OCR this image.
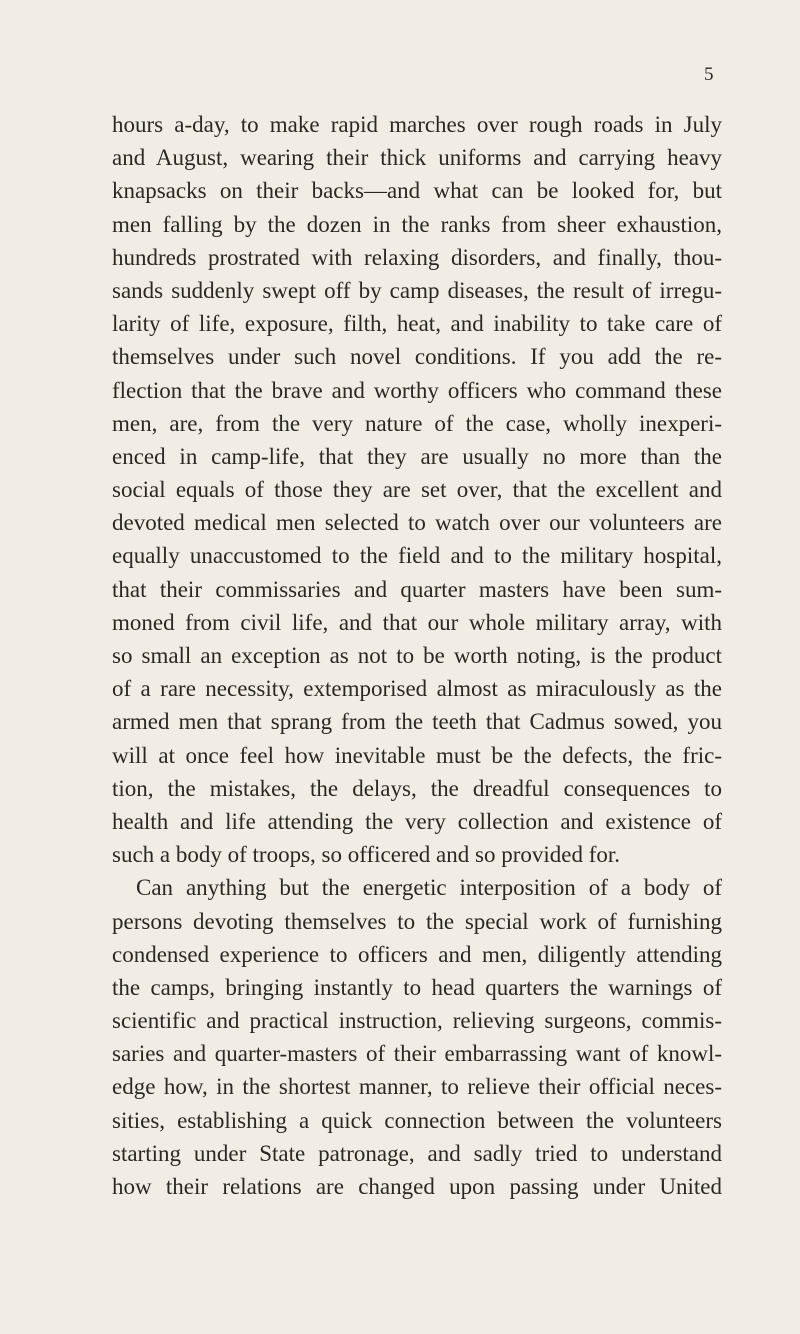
5
hours a-day, to make rapid marches over rough roads in July
and August, wearing their thick uniforms and carrying heavy
knapsacks on their backs—and what can be looked for, but
men falling by the dozen in the ranks from sheer exhaustion,
hundreds prostrated with relaxing disorders, and finally, thou-
sands suddenly swept off by camp diseases, the result of irregu-
larity of life, exposure, filth, heat, and inability to take care of
themselves under such novel conditions. If you add the re-
flection that the brave and worthy officers who command these
men, are, from the very nature of the case, wholly inexperi-
enced in camp-life, that they are usually no more than the
social equals of those they are set over, that the excellent and
devoted medical men selected to watch over our volunteers are
equally unaccustomed to the field and to the military hospital,
that their commissaries and quarter masters have been sum-
moned from civil life, and that our whole military array, with
so small an exception as not to be worth noting, is the product
of a rare necessity, extemporised almost as miraculously as the
armed men that sprang from the teeth that Cadmus sowed, you
will at once feel how inevitable must be the defects, the fric-
tion, the mistakes, the delays, the dreadful consequences to
health and life attending the very collection and existence of
such a body of troops, so officered and so provided for.
Can anything but the energetic interposition of a body of
persons devoting themselves to the special work of furnishing
condensed experience to officers and men, diligently attending
the camps, bringing instantly to head quarters the warnings of
scientific and practical instruction, relieving surgeons, commis-
saries and quarter-masters of their embarrassing want of knowl-
edge how, in the shortest manner, to relieve their official neces-
sities, establishing a quick connection between the volunteers
starting under State patronage, and sadly tried to understand
how their relations are changed upon passing under United
